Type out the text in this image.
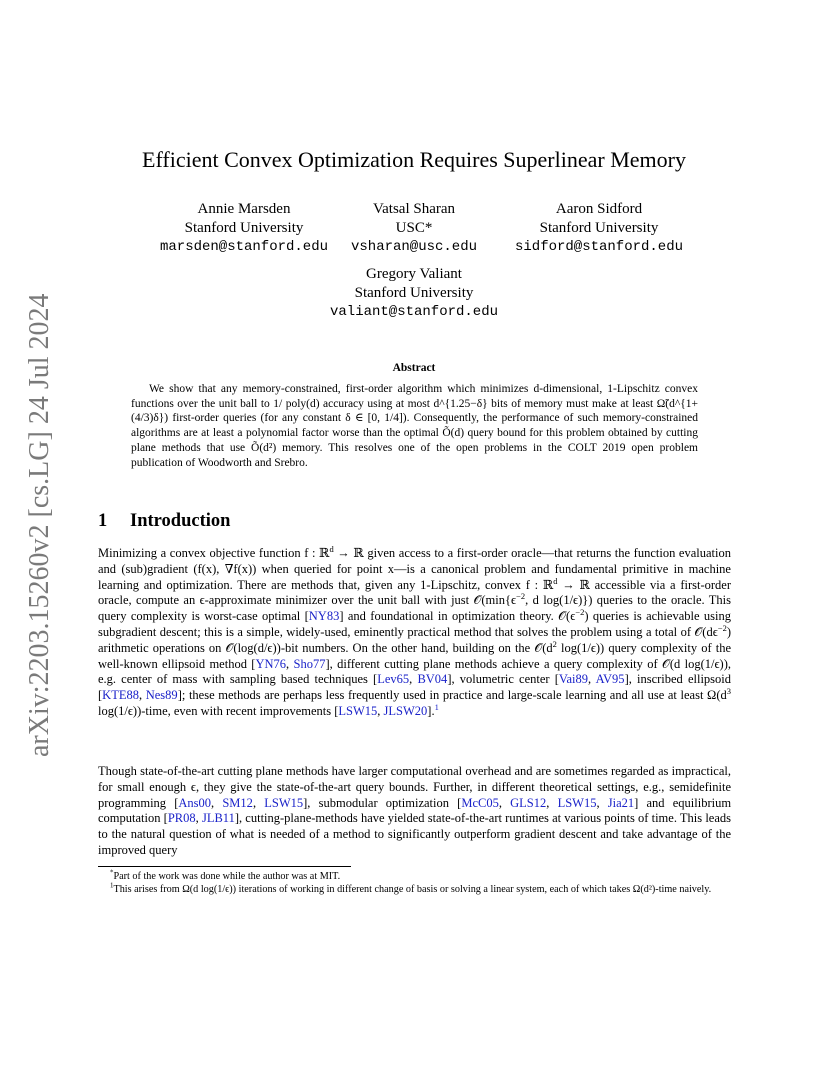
arXiv:2203.15260v2 [cs.LG] 24 Jul 2024
Efficient Convex Optimization Requires Superlinear Memory
Annie Marsden
Stanford University
marsden@stanford.edu
Vatsal Sharan
USC*
vsharan@usc.edu
Aaron Sidford
Stanford University
sidford@stanford.edu
Gregory Valiant
Stanford University
valiant@stanford.edu
Abstract
We show that any memory-constrained, first-order algorithm which minimizes d-dimensional, 1-Lipschitz convex functions over the unit ball to 1/ poly(d) accuracy using at most d^{1.25−δ} bits of memory must make at least Ω̃(d^{1+(4/3)δ}) first-order queries (for any constant δ ∈ [0, 1/4]). Consequently, the performance of such memory-constrained algorithms are at least a polynomial factor worse than the optimal Õ(d) query bound for this problem obtained by cutting plane methods that use Õ(d²) memory. This resolves one of the open problems in the COLT 2019 open problem publication of Woodworth and Srebro.
1 Introduction
Minimizing a convex objective function f : ℝ$^d$ → ℝ given access to a first-order oracle—that returns the function evaluation and (sub)gradient (f(x), ∇f(x)) when queried for point x—is a canonical problem and fundamental primitive in machine learning and optimization. There are methods that, given any 1-Lipschitz, convex f : ℝ$^d$ → ℝ accessible via a first-order oracle, compute an ϵ-approximate minimizer over the unit ball with just $𝒪(\min\{\epsilon^{-2}$, d log(1/ϵ)}) queries to the oracle. This query complexity is worst-case optimal [NY83] and foundational in optimization theory. $𝒪(\epsilon^{-2})$ queries is achievable using subgradient descent; this is a simple, widely-used, eminently practical method that solves the problem using a total of $𝒪(d\epsilon^{-2})$ arithmetic operations on 𝒪(log(d/ϵ))-bit numbers. On the other hand, building on the $𝒪(d^2$ log(1/ϵ)) query complexity of the well-known ellipsoid method [YN76, Sho77], different cutting plane methods achieve a query complexity of 𝒪(d log(1/ϵ)), e.g. center of mass with sampling based techniques [Lev65, BV04], volumetric center [Vai89, AV95], inscribed ellipsoid [KTE88, Nes89]; these methods are perhaps less frequently used in practice and large-scale learning and all use at least $\Omega(d^3$ log(1/ϵ))-time, even with recent improvements [LSW15, JLSW20].$^1$
Though state-of-the-art cutting plane methods have larger computational overhead and are sometimes regarded as impractical, for small enough ϵ, they give the state-of-the-art query bounds. Further, in different theoretical settings, e.g., semidefinite programming [Ans00, SM12, LSW15], submodular optimization [McC05, GLS12, LSW15, Jia21] and equilibrium computation [PR08, JLB11], cutting-plane-methods have yielded state-of-the-art runtimes at various points of time. This leads to the natural question of what is needed of a method to significantly outperform gradient descent and take advantage of the improved query
*Part of the work was done while the author was at MIT.
$^1$This arises from Ω(d log(1/ϵ)) iterations of working in different change of basis or solving a linear system, each of which takes Ω(d²)-time naively.
